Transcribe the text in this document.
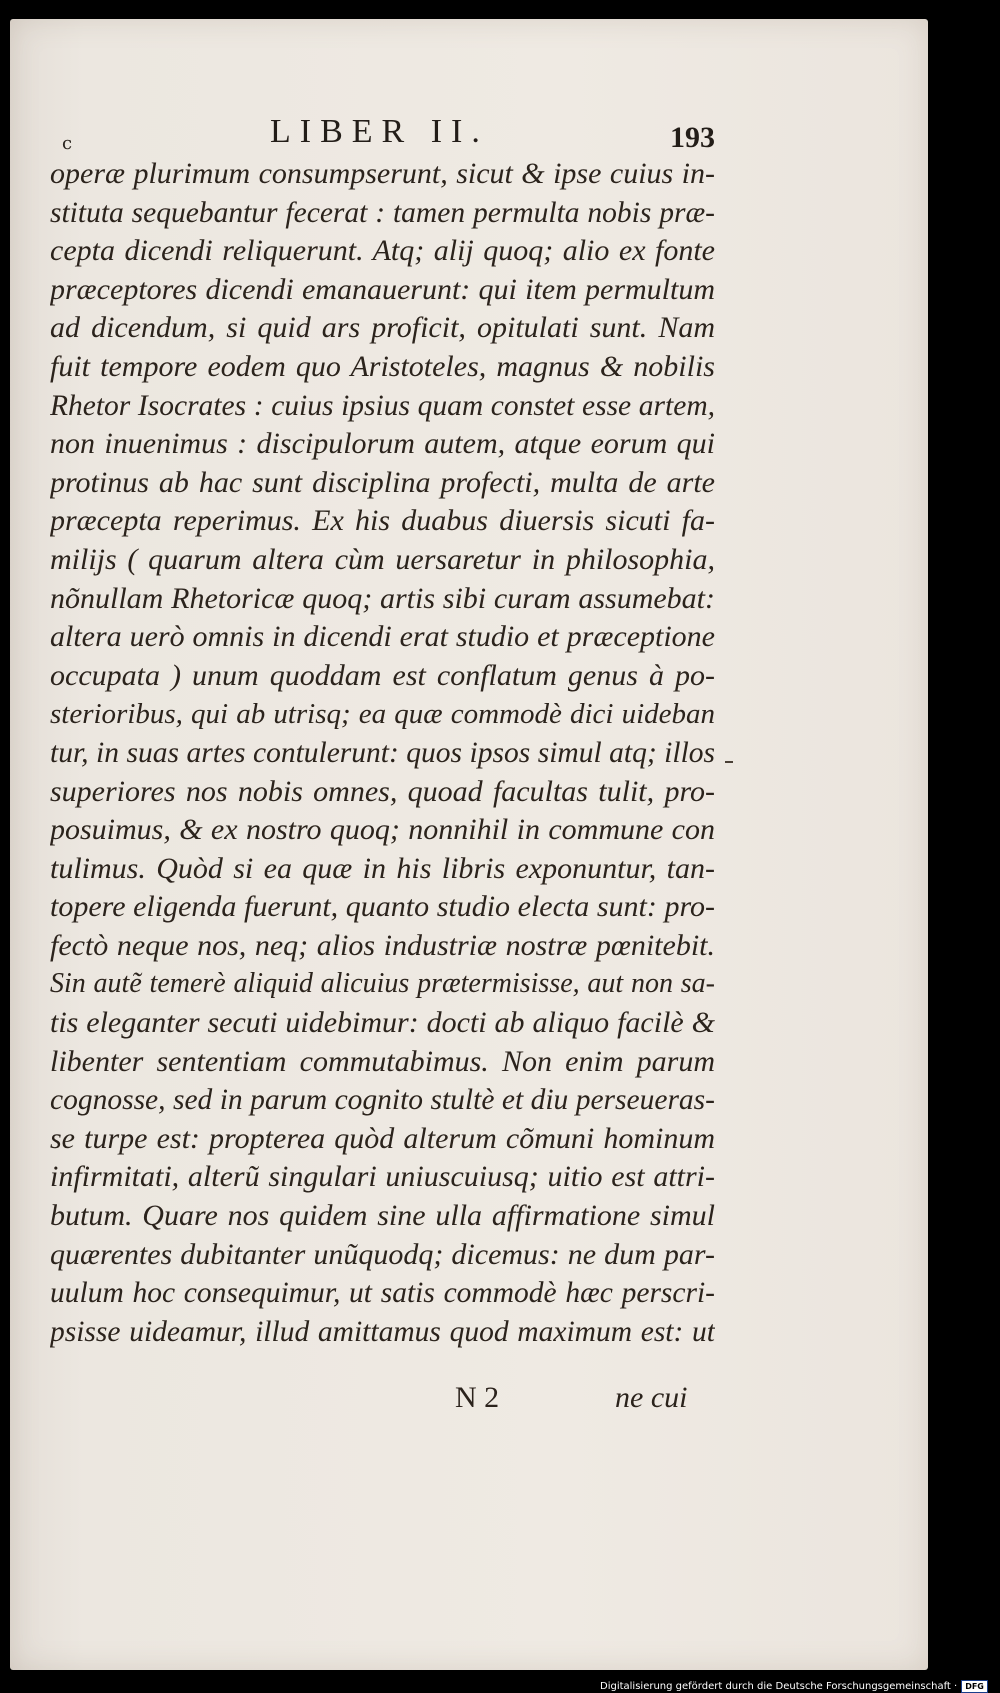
c	LIBER II.	193
operæ plurimum consumpserunt, sicut & ipse cuius in-
stituta sequebantur fecerat : tamen permulta nobis præ-
cepta dicendi reliquerunt. Atq; alij quoq; alio ex fonte
præceptores dicendi emanauerunt: qui item permultum
ad dicendum, si quid ars proficit, opitulati sunt. Nam
fuit tempore eodem quo Aristoteles, magnus & nobilis
Rhetor Isocrates : cuius ipsius quam constet esse artem,
non inuenimus : discipulorum autem, atque eorum qui
protinus ab hac sunt disciplina profecti, multa de arte
præcepta reperimus. Ex his duabus diuersis sicuti fa-
milijs ( quarum altera cùm uersaretur in philosophia,
nõnullam Rhetoricæ quoq; artis sibi curam assumebat:
altera uerò omnis in dicendi erat studio et præceptione
occupata ) unum quoddam est conflatum genus à po-
sterioribus, qui ab utrisq; ea quæ commodè dici uideban
tur, in suas artes contulerunt: quos ipsos simul atq; illos
superiores nos nobis omnes, quoad facultas tulit, pro-
posuimus, & ex nostro quoq; nonnihil in commune con
tulimus. Quòd si ea quæ in his libris exponuntur, tan-
topere eligenda fuerunt, quanto studio electa sunt: pro-
fectò neque nos, neq; alios industriæ nostræ pœnitebit.
Sin autẽ temerè aliquid alicuius prætermisisse, aut non sa-
tis eleganter secuti uidebimur: docti ab aliquo facilè &
libenter sententiam commutabimus. Non enim parum
cognosse, sed in parum cognito stultè et diu perseueras-
se turpe est: propterea quòd alterum cõmuni hominum
infirmitati, alterũ singulari uniuscuiusq; uitio est attri-
butum. Quare nos quidem sine ulla affirmatione simul
quærentes dubitanter unũquodq; dicemus: ne dum par-
uulum hoc consequimur, ut satis commodè hæc perscri-
psisse uideamur, illud amittamus quod maximum est: ut
N 2	ne cui
Digitalisierung gefördert durch die Deutsche Forschungsgemeinschaft ·	DFG
